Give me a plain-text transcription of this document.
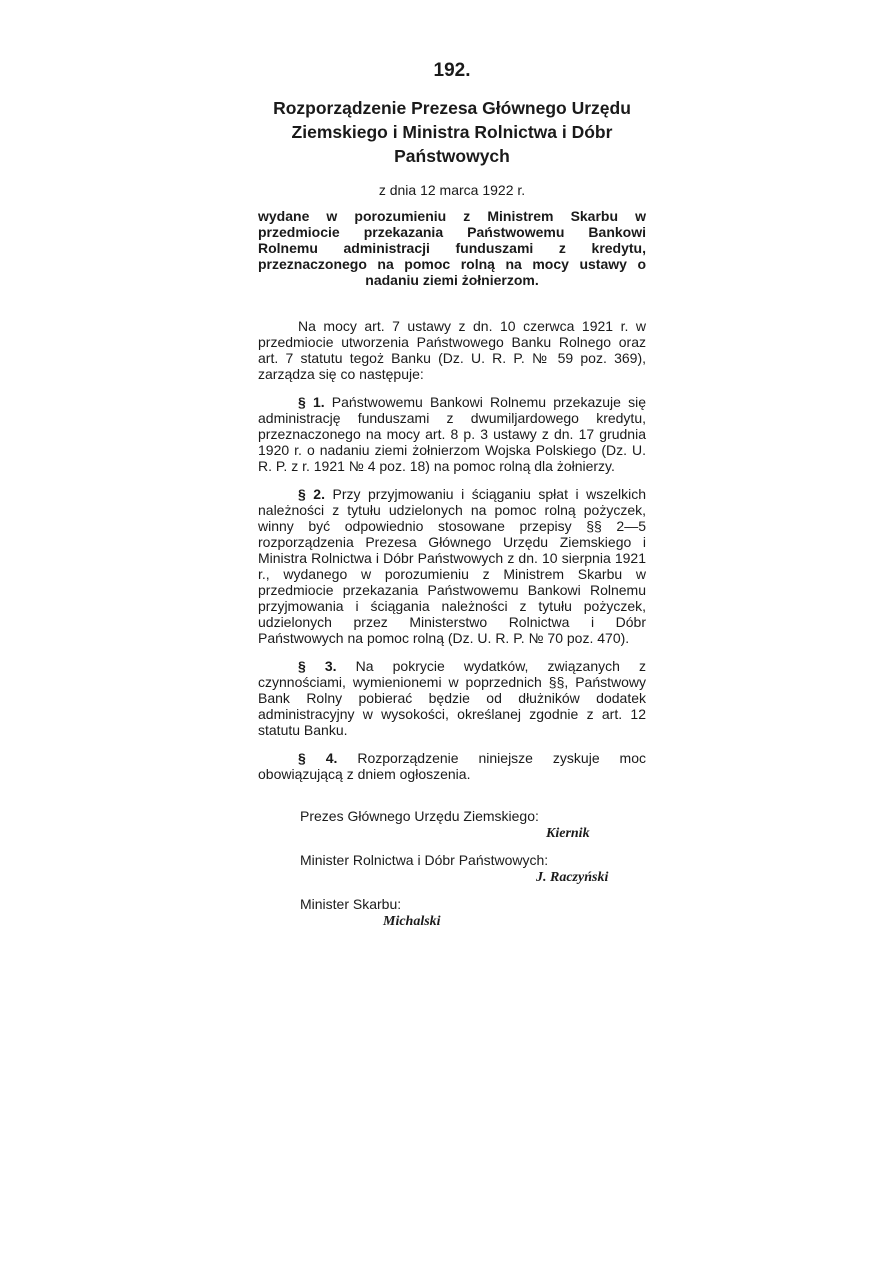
192.
Rozporządzenie Prezesa Głównego Urzędu Ziemskiego i Ministra Rolnictwa i Dóbr Państwowych
z dnia 12 marca 1922 r.
wydane w porozumieniu z Ministrem Skarbu w przedmiocie przekazania Państwowemu Bankowi Rolnemu administracji funduszami z kredytu, przeznaczonego na pomoc rolną na mocy ustawy o nadaniu ziemi żołnierzom.

Na mocy art. 7 ustawy z dn. 10 czerwca 1921 r. w przedmiocie utworzenia Państwowego Banku Rolnego oraz art. 7 statutu tegoż Banku (Dz. U. R. P. № 59 poz. 369), zarządza się co następuje:

§ 1. Państwowemu Bankowi Rolnemu przekazuje się administrację funduszami z dwumiljardowego kredytu, przeznaczonego na mocy art. 8 p. 3 ustawy z dn. 17 grudnia 1920 r. o nadaniu ziemi żołnierzom Wojska Polskiego (Dz. U. R. P. z r. 1921 № 4 poz. 18) na pomoc rolną dla żołnierzy.

§ 2. Przy przyjmowaniu i ściąganiu spłat i wszelkich należności z tytułu udzielonych na pomoc rolną pożyczek, winny być odpowiednio stosowane przepisy §§ 2—5 rozporządzenia Prezesa Głównego Urzędu Ziemskiego i Ministra Rolnictwa i Dóbr Państwowych z dn. 10 sierpnia 1921 r., wydanego w porozumieniu z Ministrem Skarbu w przedmiocie przekazania Państwowemu Bankowi Rolnemu przyjmowania i ściągania należności z tytułu pożyczek, udzielonych przez Ministerstwo Rolnictwa i Dóbr Państwowych na pomoc rolną (Dz. U. R. P. № 70 poz. 470).

§ 3. Na pokrycie wydatków, związanych z czynnościami, wymienionemi w poprzednich §§, Państwowy Bank Rolny pobierać będzie od dłużników dodatek administracyjny w wysokości, określanej zgodnie z art. 12 statutu Banku.

§ 4. Rozporządzenie niniejsze zyskuje moc obowiązującą z dniem ogłoszenia.

Prezes Głównego Urzędu Ziemskiego:
Kiernik
Minister Rolnictwa i Dóbr Państwowych:
J. Raczyński
Minister Skarbu:
Michalski
